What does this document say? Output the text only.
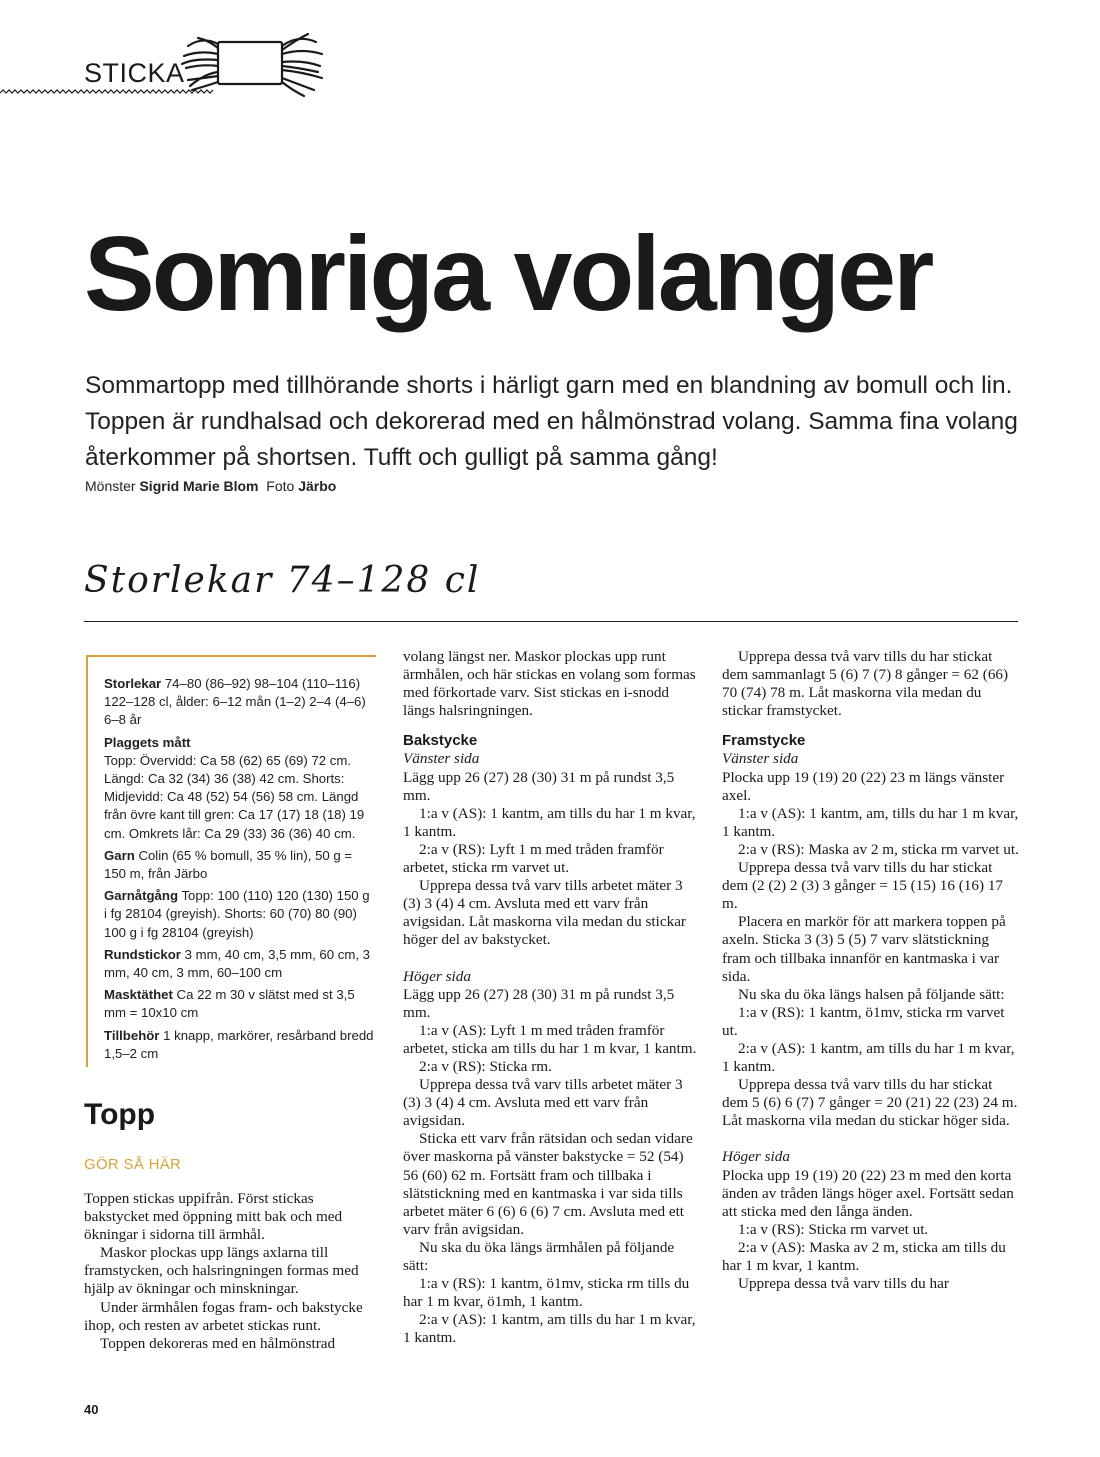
STICKA
Somriga volanger

Sommartopp med tillhörande shorts i härligt garn med en blandning av bomull och lin. Toppen är rundhalsad och dekorerad med en hålmönstrad volang. Samma fina volang återkommer på shortsen. Tufft och gulligt på samma gång!

Mönster Sigrid Marie Blom Foto Järbo

Storlekar 74–128 cl

Storlekar 74–80 (86–92) 98–104 (110–116) 122–128 cl, ålder: 6–12 mån (1–2) 2–4 (4–6) 6–8 år

Plaggets mått
Topp: Övervidd: Ca 58 (62) 65 (69) 72 cm. Längd: Ca 32 (34) 36 (38) 42 cm. Shorts: Midjevidd: Ca 48 (52) 54 (56) 58 cm. Längd från övre kant till gren: Ca 17 (17) 18 (18) 19 cm. Omkrets lår: Ca 29 (33) 36 (36) 40 cm.

Garn Colin (65 % bomull, 35 % lin), 50 g = 150 m, från Järbo

Garnåtgång Topp: 100 (110) 120 (130) 150 g i fg 28104 (greyish). Shorts: 60 (70) 80 (90) 100 g i fg 28104 (greyish)

Rundstickor 3 mm, 40 cm, 3,5 mm, 60 cm, 3 mm, 40 cm, 3 mm, 60–100 cm

Masktäthet Ca 22 m 30 v slätst med st 3,5 mm = 10x10 cm

Tillbehör 1 knapp, markörer, resårband bredd 1,5–2 cm

Topp
GÖR SÅ HÄR

Toppen stickas uppifrån. Först stickas bakstycket med öppning mitt bak och med ökningar i sidorna till ärmhål.

Maskor plockas upp längs axlarna till framstycken, och halsringningen formas med hjälp av ökningar och minskningar.

Under ärmhålen fogas fram- och bakstycke ihop, och resten av arbetet stickas runt.

Toppen dekoreras med en hålmönstrad

volang längst ner. Maskor plockas upp runt ärmhålen, och här stickas en volang som formas med förkortade varv. Sist stickas en i-snodd längs halsringningen.

Bakstycke

Vänster sida

Lägg upp 26 (27) 28 (30) 31 m på rundst 3,5 mm.

1:a v (AS): 1 kantm, am tills du har 1 m kvar, 1 kantm.

2:a v (RS): Lyft 1 m med tråden framför arbetet, sticka rm varvet ut.

Upprepa dessa två varv tills arbetet mäter 3 (3) 3 (4) 4 cm. Avsluta med ett varv från avigsidan. Låt maskorna vila medan du stickar höger del av bakstycket.

Höger sida

Lägg upp 26 (27) 28 (30) 31 m på rundst 3,5 mm.

1:a v (AS): Lyft 1 m med tråden framför arbetet, sticka am tills du har 1 m kvar, 1 kantm.

2:a v (RS): Sticka rm.

Upprepa dessa två varv tills arbetet mäter 3 (3) 3 (4) 4 cm. Avsluta med ett varv från avigsidan.

Sticka ett varv från rätsidan och sedan vidare över maskorna på vänster bakstycke = 52 (54) 56 (60) 62 m. Fortsätt fram och tillbaka i slätstickning med en kantmaska i var sida tills arbetet mäter 6 (6) 6 (6) 7 cm. Avsluta med ett varv från avigsidan.

Nu ska du öka längs ärmhålen på följande sätt:

1:a v (RS): 1 kantm, ö1mv, sticka rm tills du har 1 m kvar, ö1mh, 1 kantm.

2:a v (AS): 1 kantm, am tills du har 1 m kvar, 1 kantm.

Upprepa dessa två varv tills du har stickat dem sammanlagt 5 (6) 7 (7) 8 gånger = 62 (66) 70 (74) 78 m. Låt maskorna vila medan du stickar framstycket.

Framstycke

Vänster sida

Plocka upp 19 (19) 20 (22) 23 m längs vänster axel.

1:a v (AS): 1 kantm, am, tills du har 1 m kvar, 1 kantm.

2:a v (RS): Maska av 2 m, sticka rm varvet ut.

Upprepa dessa två varv tills du har stickat dem (2 (2) 2 (3) 3 gånger = 15 (15) 16 (16) 17 m.

Placera en markör för att markera toppen på axeln. Sticka 3 (3) 5 (5) 7 varv slätstickning fram och tillbaka innanför en kantmaska i var sida.

Nu ska du öka längs halsen på följande sätt:

1:a v (RS): 1 kantm, ö1mv, sticka rm varvet ut.

2:a v (AS): 1 kantm, am tills du har 1 m kvar, 1 kantm.

Upprepa dessa två varv tills du har stickat dem 5 (6) 6 (7) 7 gånger = 20 (21) 22 (23) 24 m. Låt maskorna vila medan du stickar höger sida.

Höger sida

Plocka upp 19 (19) 20 (22) 23 m med den korta änden av tråden längs höger axel. Fortsätt sedan att sticka med den långa änden.

1:a v (RS): Sticka rm varvet ut.

2:a v (AS): Maska av 2 m, sticka am tills du har 1 m kvar, 1 kantm.

Upprepa dessa två varv tills du har

40
